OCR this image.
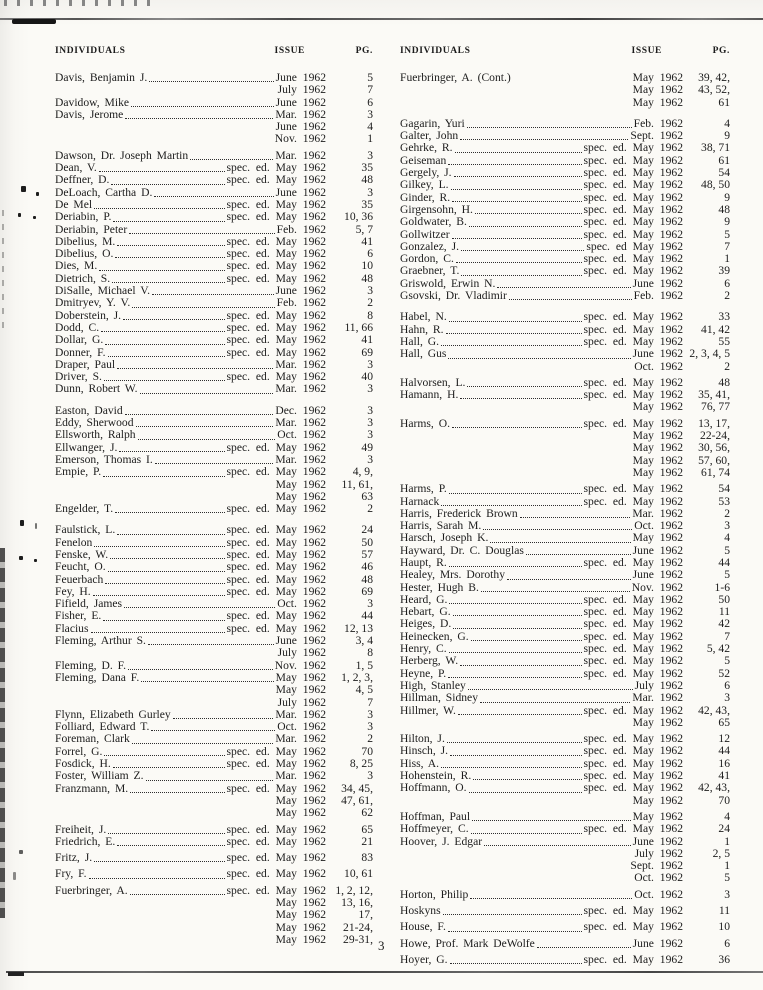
INDIVIDUALS	ISSUE	PG.
Davis, Benjamin J.	June 1962	5
July 1962	7
Davidow, Mike	June 1962	6
Davis, Jerome	Mar. 1962	3
June 1962	4
Nov. 1962	1
Dawson, Dr. Joseph Martin	Mar. 1962	3
Dean, V.	spec. ed. May 1962	35
Deffner, D.	spec. ed. May 1962	48
DeLoach, Cartha D.	June 1962	3
De Mel	spec. ed. May 1962	35
Deriabin, P.	spec. ed. May 1962	10, 36
Deriabin, Peter	Feb. 1962	5, 7
Dibelius, M.	spec. ed. May 1962	41
Dibelius, O.	spec. ed. May 1962	6
Dies, M.	spec. ed. May 1962	10
Dietrich, S.	spec. ed. May 1962	48
DiSalle, Michael V.	June 1962	3
Dmitryev, Y. V.	Feb. 1962	2
Doberstein, J.	spec. ed. May 1962	8
Dodd, C.	spec. ed. May 1962	11, 66
Dollar, G.	spec. ed. May 1962	41
Donner, F.	spec. ed. May 1962	69
Draper, Paul	Mar. 1962	3
Driver, S.	spec. ed. May 1962	40
Dunn, Robert W.	Mar. 1962	3
Easton, David	Dec. 1962	3
Eddy, Sherwood	Mar. 1962	3
Ellsworth, Ralph	Oct. 1962	3
Ellwanger, J.	spec. ed. May 1962	49
Emerson, Thomas I.	Mar. 1962	3
Empie, P.	spec. ed. May 1962	4, 9,
May 1962	11, 61,
May 1962	63
Engelder, T.	spec. ed. May 1962	2
Faulstick, L.	spec. ed. May 1962	24
Fenelon	spec. ed. May 1962	50
Fenske, W.	spec. ed. May 1962	57
Feucht, O.	spec. ed. May 1962	46
Feuerbach	spec. ed. May 1962	48
Fey, H.	spec. ed. May 1962	69
Fifield, James	Oct. 1962	3
Fisher, E.	spec. ed. May 1962	44
Flacius	spec. ed. May 1962	12, 13
Fleming, Arthur S.	June 1962	3, 4
July 1962	8
Fleming, D. F.	Nov. 1962	1, 5
Fleming, Dana F.	May 1962	1, 2, 3,
May 1962	4, 5
July 1962	7
Flynn, Elizabeth Gurley	Mar. 1962	3
Folliard, Edward T.	Oct. 1962	3
Foreman, Clark	Mar. 1962	2
Forrel, G.	spec. ed. May 1962	70
Fosdick, H.	spec. ed. May 1962	8, 25
Foster, William Z.	Mar. 1962	3
Franzmann, M.	spec. ed. May 1962	34, 45,
May 1962	47, 61,
May 1962	62
Freiheit, J.	spec. ed. May 1962	65
Friedrich, E.	spec. ed. May 1962	21
Fritz, J.	spec. ed. May 1962	83
Fry, F.	spec. ed. May 1962	10, 61
Fuerbringer, A.	spec. ed. May 1962 1, 2, 12,
May 1962	13, 16,
May 1962	17,
May 1962	21-24,
May 1962	29-31,
INDIVIDUALS	ISSUE	PG.
Fuerbringer, A. (Cont.)	May 1962	39, 42,
May 1962	43, 52,
May 1962	61
Gagarin, Yuri	Feb. 1962	4
Galter, John	Sept. 1962	9
Gehrke, R.	spec. ed. May 1962	38, 71
Geiseman	spec. ed. May 1962	61
Gergely, J.	spec. ed. May 1962	54
Gilkey, L.	spec. ed. May 1962	48, 50
Ginder, R.	spec. ed. May 1962	9
Girgensohn, H.	spec. ed. May 1962	48
Goldwater, B.	spec. ed. May 1962	9
Gollwitzer	spec. ed. May 1962	5
Gonzalez, J.	spec. ed May 1962	7
Gordon, C.	spec. ed. May 1962	1
Graebner, T.	spec. ed. May 1962	39
Griswold, Erwin N.	June 1962	6
Gsovski, Dr. Vladimir	Feb. 1962	2
Habel, N.	spec. ed. May 1962	33
Hahn, R.	spec. ed. May 1962	41, 42
Hall, G.	spec. ed. May 1962	55
Hall, Gus	June 1962 2, 3, 4, 5
Oct. 1962	2
Halvorsen, L.	spec. ed. May 1962	48
Hamann, H.	spec. ed. May 1962	35, 41,
May 1962	76, 77
Harms, O.	spec. ed. May 1962	13, 17,
May 1962	22-24,
May 1962	30, 56,
May 1962	57, 60,
May 1962	61, 74
Harms, P.	spec. ed. May 1962	54
Harnack	spec. ed. May 1962	53
Harris, Frederick Brown	Mar. 1962	2
Harris, Sarah M.	Oct. 1962	3
Harsch, Joseph K.	May 1962	4
Hayward, Dr. C. Douglas	June 1962	5
Haupt, R.	spec. ed. May 1962	44
Healey, Mrs. Dorothy	June 1962	5
Hester, Hugh B.	Nov. 1962	1-6
Heard, G.	spec. ed. May 1962	50
Hebart, G.	spec. ed. May 1962	11
Heiges, D.	spec. ed. May 1962	42
Heinecken, G.	spec. ed. May 1962	7
Henry, C.	spec. ed. May 1962	5, 42
Herberg, W.	spec. ed. May 1962	5
Heyne, P.	spec. ed. May 1962	52
High, Stanley	July 1962	6
Hillman, Sidney	Mar. 1962	3
Hillmer, W.	spec. ed. May 1962	42, 43,
May 1962	65
Hilton, J.	spec. ed. May 1962	12
Hinsch, J.	spec. ed. May 1962	44
Hiss, A.	spec. ed. May 1962	16
Hohenstein, R.	spec. ed. May 1962	41
Hoffmann, O.	spec. ed. May 1962	42, 43,
May 1962	70
Hoffman, Paul	May 1962	4
Hoffmeyer, C.	spec. ed. May 1962	24
Hoover, J. Edgar	June 1962	1
July 1962	2, 5
Sept. 1962	1
Oct. 1962	5
Horton, Philip	Oct. 1962	3
Hoskyns	spec. ed. May 1962	11
House, F.	spec. ed. May 1962	10
Howe, Prof. Mark DeWolfe	June 1962	6
Hoyer, G.	spec. ed. May 1962	36
3
